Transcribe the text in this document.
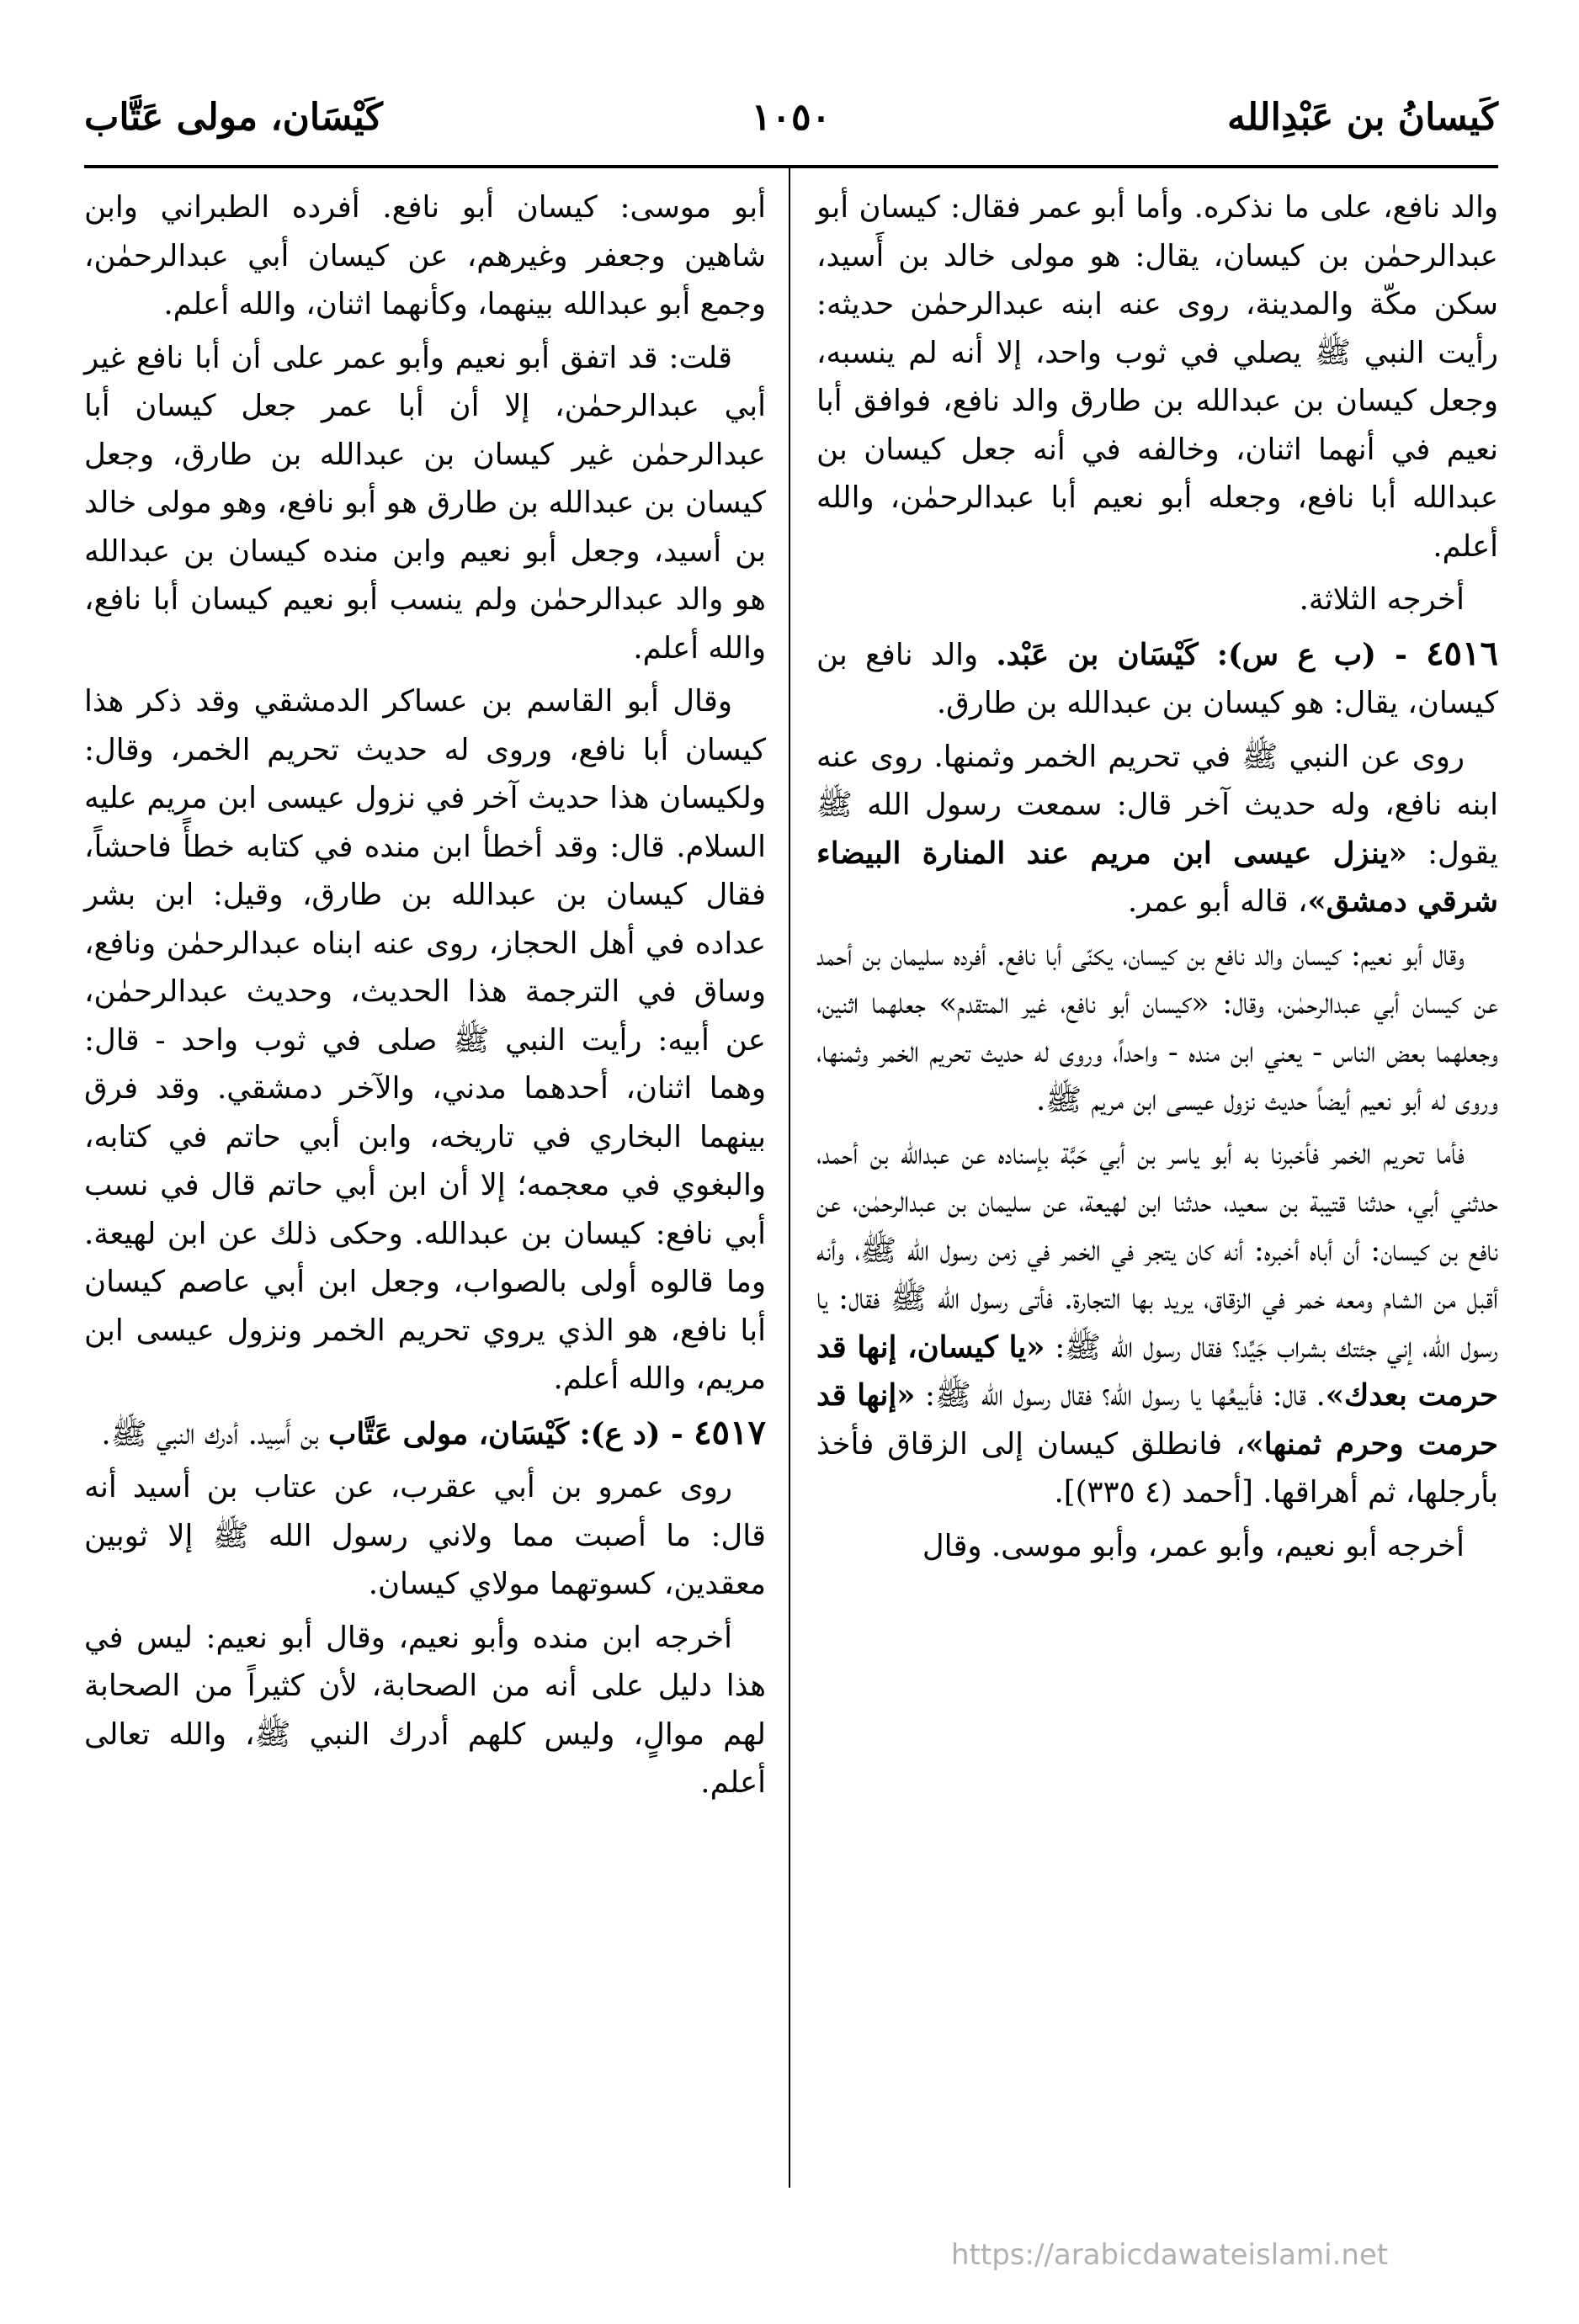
كَيسانُ بن عَبْدِالله
١٠٥٠
كَيْسَان، مولى عَتَّاب

والد نافع، على ما نذكره. وأما أبو عمر فقال: كيسان أبو عبدالرحمٰن بن كيسان، يقال: هو مولى خالد بن أَسيد، سكن مكّة والمدينة، روى عنه ابنه عبدالرحمٰن حديثه: رأيت النبي ﷺ يصلي في ثوب واحد، إلا أنه لم ينسبه، وجعل كيسان بن عبدالله بن طارق والد نافع، فوافق أبا نعيم في أنهما اثنان، وخالفه في أنه جعل كيسان بن عبدالله أبا نافع، وجعله أبو نعيم أبا عبدالرحمٰن، والله أعلم.

أخرجه الثلاثة.

٤٥١٦ - (ب ع س): كَيْسَان بن عَبْد. والد نافع بن كيسان، يقال: هو كيسان بن عبدالله بن طارق.

روى عن النبي ﷺ في تحريم الخمر وثمنها. روى عنه ابنه نافع، وله حديث آخر قال: سمعت رسول الله ﷺ يقول: «ينزل عيسى ابن مريم عند المنارة البيضاء شرقي دمشق»، قاله أبو عمر.

وقال أبو نعيم: كيسان والد نافع بن كيسان، يكنّى أبا نافع. أفرده سليمان بن أحمد عن كيسان أبي عبدالرحمٰن، وقال: «كيسان أبو نافع، غير المتقدم» جعلهما اثنين، وجعلهما بعض الناس - يعني ابن منده - واحداً، وروى له حديث تحريم الخمر وثمنها، وروى له أبو نعيم أيضاً حديث نزول عيسى ابن مريم ﷺ.

فأما تحريم الخمر فأخبرنا به أبو ياسر بن أبي حَبَّة بإسناده عن عبدالله بن أحمد، حدثني أبي، حدثنا قتيبة بن سعيد، حدثنا ابن لهيعة، عن سليمان بن عبدالرحمٰن، عن نافع بن كيسان: أن أباه أخبره: أنه كان يتجر في الخمر في زمن رسول الله ﷺ، وأنه أقبل من الشام ومعه خمر في الزقاق، يريد بها التجارة. فأتى رسول الله ﷺ فقال: يا رسول الله، إني جئتك بشراب جَيِّد؟ فقال رسول الله ﷺ: «يا كيسان، إنها قد حرمت بعدك». قال: فأبيعُها يا رسول الله؟ فقال رسول الله ﷺ: «إنها قد حرمت وحرم ثمنها»، فانطلق كيسان إلى الزقاق فأخذ بأرجلها، ثم أهراقها. [أحمد (٤ ٣٣٥)].

أخرجه أبو نعيم، وأبو عمر، وأبو موسى. وقال

أبو موسى: كيسان أبو نافع. أفرده الطبراني وابن شاهين وجعفر وغيرهم، عن كيسان أبي عبدالرحمٰن، وجمع أبو عبدالله بينهما، وكأنهما اثنان، والله أعلم.

قلت: قد اتفق أبو نعيم وأبو عمر على أن أبا نافع غير أبي عبدالرحمٰن، إلا أن أبا عمر جعل كيسان أبا عبدالرحمٰن غير كيسان بن عبدالله بن طارق، وجعل كيسان بن عبدالله بن طارق هو أبو نافع، وهو مولى خالد بن أسيد، وجعل أبو نعيم وابن منده كيسان بن عبدالله هو والد عبدالرحمٰن ولم ينسب أبو نعيم كيسان أبا نافع، والله أعلم.

وقال أبو القاسم بن عساكر الدمشقي وقد ذكر هذا كيسان أبا نافع، وروى له حديث تحريم الخمر، وقال: ولكيسان هذا حديث آخر في نزول عيسى ابن مريم عليه السلام. قال: وقد أخطأ ابن منده في كتابه خطأً فاحشاً، فقال كيسان بن عبدالله بن طارق، وقيل: ابن بشر عداده في أهل الحجاز، روى عنه ابناه عبدالرحمٰن ونافع، وساق في الترجمة هذا الحديث، وحديث عبدالرحمٰن، عن أبيه: رأيت النبي ﷺ صلى في ثوب واحد - قال: وهما اثنان، أحدهما مدني، والآخر دمشقي. وقد فرق بينهما البخاري في تاريخه، وابن أبي حاتم في كتابه، والبغوي في معجمه؛ إلا أن ابن أبي حاتم قال في نسب أبي نافع: كيسان بن عبدالله. وحكى ذلك عن ابن لهيعة. وما قالوه أولى بالصواب، وجعل ابن أبي عاصم كيسان أبا نافع، هو الذي يروي تحريم الخمر ونزول عيسى ابن مريم، والله أعلم.

٤٥١٧ - (د ع): كَيْسَان، مولى عَتَّاب بن أَسِيد. أدرك النبي ﷺ.

روى عمرو بن أبي عقرب، عن عتاب بن أسيد أنه قال: ما أصبت مما ولاني رسول الله ﷺ إلا ثوبين معقدين، كسوتهما مولاي كيسان.

أخرجه ابن منده وأبو نعيم، وقال أبو نعيم: ليس في هذا دليل على أنه من الصحابة، لأن كثيراً من الصحابة لهم موالٍ، وليس كلهم أدرك النبي ﷺ، والله تعالى أعلم.

https://arabicdawateislami.net
